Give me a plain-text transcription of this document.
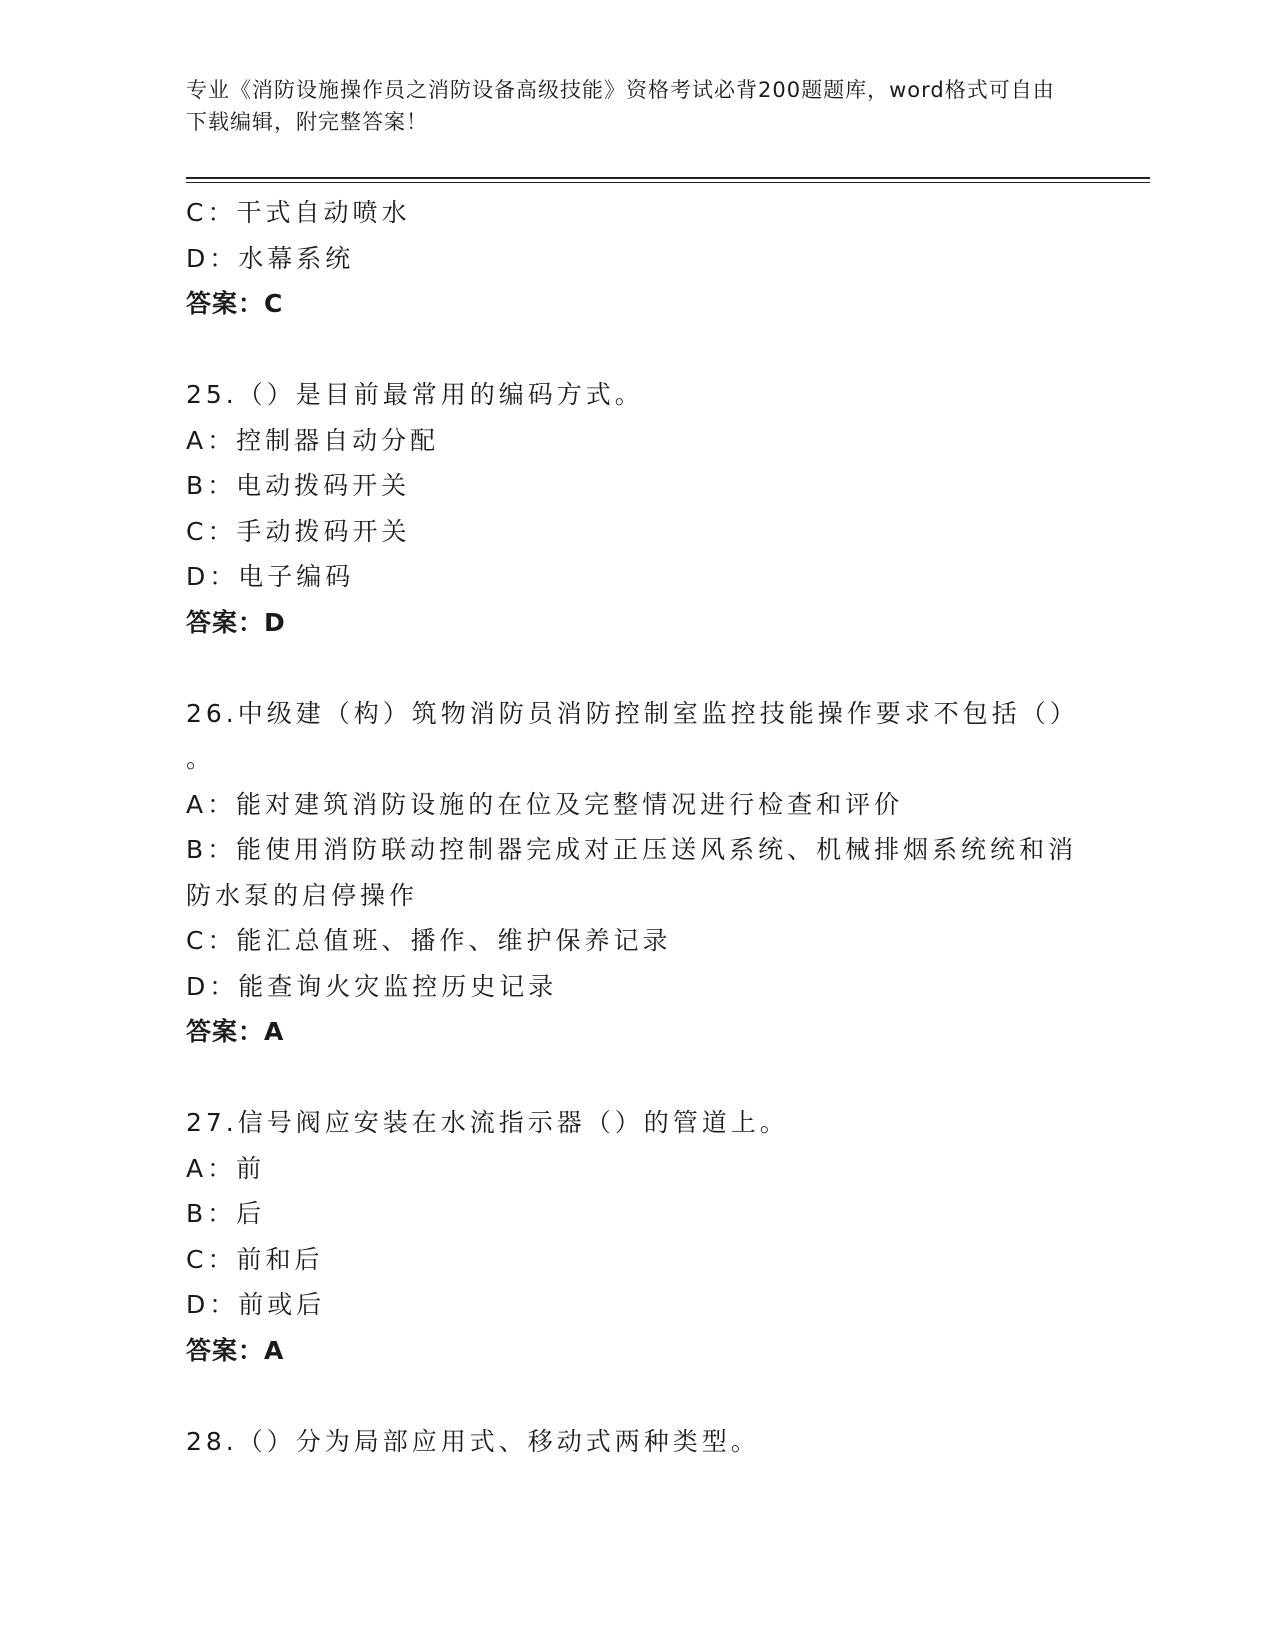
专业《消防设施操作员之消防设备高级技能》资格考试必背200题题库，word格式可自由下载编辑，附完整答案！
C：干式自动喷水
D：水幕系统
答案：C
25.（）是目前最常用的编码方式。
A：控制器自动分配
B：电动拨码开关
C：手动拨码开关
D：电子编码
答案：D
26.中级建（构）筑物消防员消防控制室监控技能操作要求不包括（）
。
A：能对建筑消防设施的在位及完整情况进行检查和评价
B：能使用消防联动控制器完成对正压送风系统、机械排烟系统统和消
防水泵的启停操作
C：能汇总值班、播作、维护保养记录
D：能查询火灾监控历史记录
答案：A
27.信号阀应安装在水流指示器（）的管道上。
A：前
B：后
C：前和后
D：前或后
答案：A
28.（）分为局部应用式、移动式两种类型。
